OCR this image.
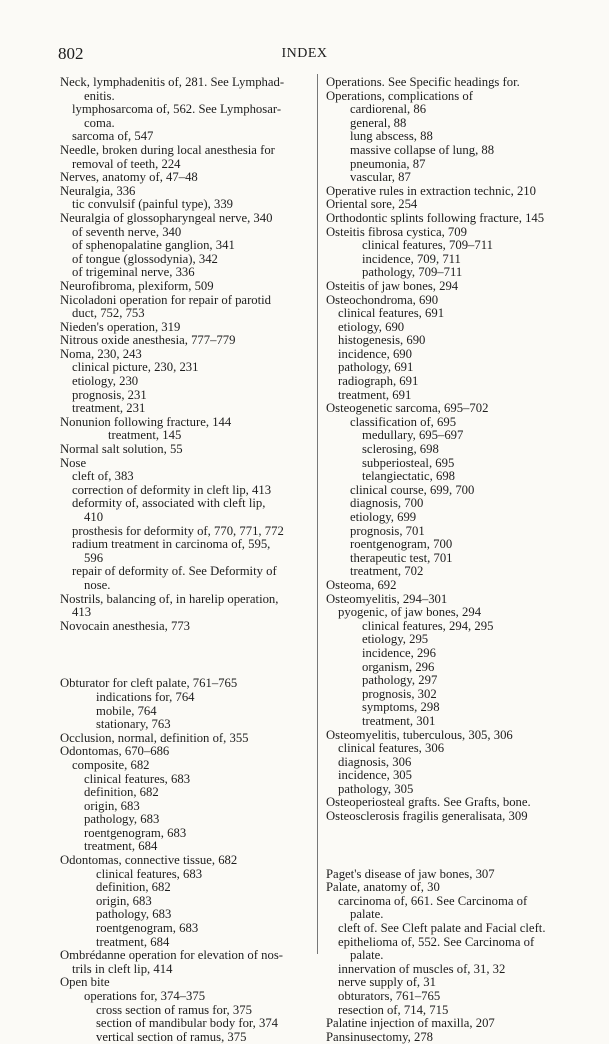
802	INDEX
Neck, lymphadenitis of, 281. See Lymphad-
enitis.
lymphosarcoma of, 562. See Lymphosar-
coma.
sarcoma of, 547
Needle, broken during local anesthesia for
removal of teeth, 224
Nerves, anatomy of, 47–48
Neuralgia, 336
tic convulsif (painful type), 339
Neuralgia of glossopharyngeal nerve, 340
of seventh nerve, 340
of sphenopalatine ganglion, 341
of tongue (glossodynia), 342
of trigeminal nerve, 336
Neurofibroma, plexiform, 509
Nicoladoni operation for repair of parotid
duct, 752, 753
Nieden's operation, 319
Nitrous oxide anesthesia, 777–779
Noma, 230, 243
clinical picture, 230, 231
etiology, 230
prognosis, 231
treatment, 231
Nonunion following fracture, 144
treatment, 145
Normal salt solution, 55
Nose
cleft of, 383
correction of deformity in cleft lip, 413
deformity of, associated with cleft lip,
410
prosthesis for deformity of, 770, 771, 772
radium treatment in carcinoma of, 595,
596
repair of deformity of. See Deformity of
nose.
Nostrils, balancing of, in harelip operation,
413
Novocain anesthesia, 773
Obturator for cleft palate, 761–765
indications for, 764
mobile, 764
stationary, 763
Occlusion, normal, definition of, 355
Odontomas, 670–686
composite, 682
clinical features, 683
definition, 682
origin, 683
pathology, 683
roentgenogram, 683
treatment, 684
Odontomas, connective tissue, 682
clinical features, 683
definition, 682
origin, 683
pathology, 683
roentgenogram, 683
treatment, 684
Ombrédanne operation for elevation of nos-
trils in cleft lip, 414
Open bite
operations for, 374–375
cross section of ramus for, 375
section of mandibular body for, 374
vertical section of ramus, 375
Operations. See Specific headings for.
Operations, complications of
cardiorenal, 86
general, 88
lung abscess, 88
massive collapse of lung, 88
pneumonia, 87
vascular, 87
Operative rules in extraction technic, 210
Oriental sore, 254
Orthodontic splints following fracture, 145
Osteitis fibrosa cystica, 709
clinical features, 709–711
incidence, 709, 711
pathology, 709–711
Osteitis of jaw bones, 294
Osteochondroma, 690
clinical features, 691
etiology, 690
histogenesis, 690
incidence, 690
pathology, 691
radiograph, 691
treatment, 691
Osteogenetic sarcoma, 695–702
classification of, 695
medullary, 695–697
sclerosing, 698
subperiosteal, 695
telangiectatic, 698
clinical course, 699, 700
diagnosis, 700
etiology, 699
prognosis, 701
roentgenogram, 700
therapeutic test, 701
treatment, 702
Osteoma, 692
Osteomyelitis, 294–301
pyogenic, of jaw bones, 294
clinical features, 294, 295
etiology, 295
incidence, 296
organism, 296
pathology, 297
prognosis, 302
symptoms, 298
treatment, 301
Osteomyelitis, tuberculous, 305, 306
clinical features, 306
diagnosis, 306
incidence, 305
pathology, 305
Osteoperiosteal grafts. See Grafts, bone.
Osteosclerosis fragilis generalisata, 309
Paget's disease of jaw bones, 307
Palate, anatomy of, 30
carcinoma of, 661. See Carcinoma of
palate.
cleft of. See Cleft palate and Facial cleft.
epithelioma of, 552. See Carcinoma of
palate.
innervation of muscles of, 31, 32
nerve supply of, 31
obturators, 761–765
resection of, 714, 715
Palatine injection of maxilla, 207
Pansinusectomy, 278
